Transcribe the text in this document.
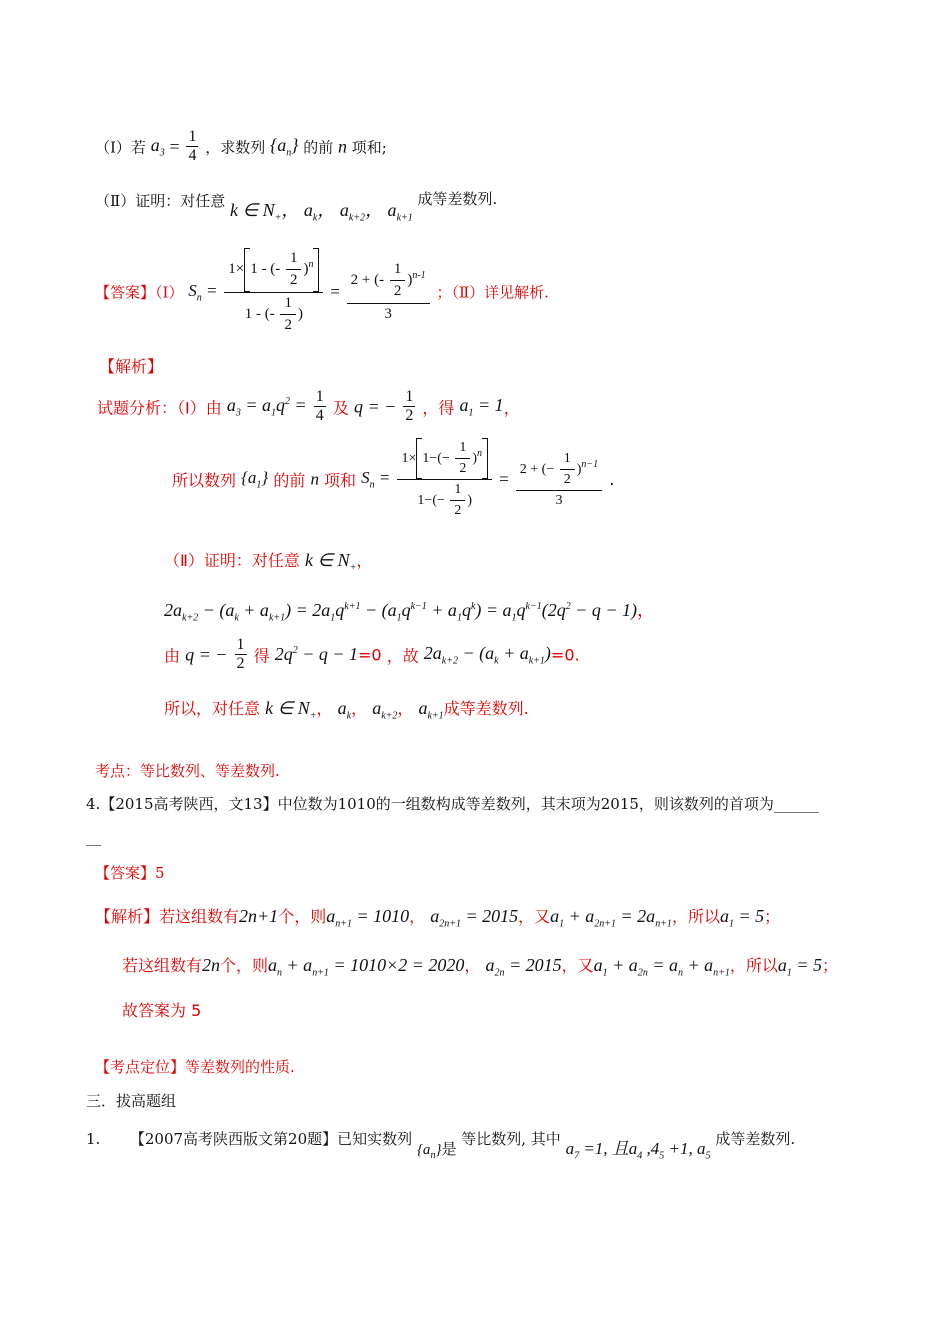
（Ⅰ）若 $a_3 = \frac{1}{4}$ ，求数列 $\{a_n\}$ 的前 n 项和;
（Ⅱ）证明：对任意 k ∈ $N_+$， $a_k$， $a_{k+2}$， $a_{k+1}$ 成等差数列.
【答案】（Ⅰ） $S_n = \frac{1\times 1 - (- \frac{1}{2} )^n}{1 - (- \frac{1}{2} )} = \frac{2 + (- \frac{1}{2} )^{n-1}}{3}$ ；（Ⅱ）详见解析.
【解析】
试题分析：（Ⅰ）由 $a_3 = a_1q^2 = \frac{1}{4}$ 及 q = − $\frac{1}{2}$ ，得 $a_1 = 1$，
所以数列 $\{a_1\}$ 的前 n 项和 $S_n = \frac{1\times 1-(- \frac{1}{2} )^n}{1-(- \frac{1}{2} )} = \frac{2 + (- \frac{1}{2} )^{n-1}}{3}$ .
（Ⅱ）证明：对任意 k ∈ $N_+$，
$2a_{k+2} - (a_k + a_{k+1}) = 2a_1q^{k+1} - (a_1q^{k-1} + a_1q^k) = a_1q^{k-1}(2q^2 - q - 1)$，
由 q = − $\frac{1}{2}$ 得 $2q^2 - q - 1=0$ ，故 $2a_{k+2} - (a_k + a_{k+1})=0$.
所以，对任意 k ∈ $N_+$， $a_k$， $a_{k+2}$， $a_{k+1}$成等差数列.
考点：等比数列、等差数列.
4.【2015高考陕西，文13】中位数为1010的一组数构成等差数列，其末项为2015，则该数列的首项为______
__
【答案】5
【解析】若这组数有2n+1个，则$a_{n+1} = 1010$， $a_{2n+1} = 2015$，又$a_1 + a_{2n+1} = 2a_{n+1}$，所以$a_1 = 5$；
若这组数有2n个，则$a_n + a_{n+1} = 1010\times 2 = 2020$， $a_{2n} = 2015$，又$a_1 + a_{2n} = a_n + a_{n+1}$，所以$a_1 = 5$；
故答案为 5
【考点定位】等差数列的性质.
三．拔高题组
1. 【2007高考陕西版文第20题】已知实数列 $\{a_n\}$是 等比数列, 其中 $a_7 =1$, 且$a_4$ $,4_5 +1$, $a_5$ 成等差数列.
